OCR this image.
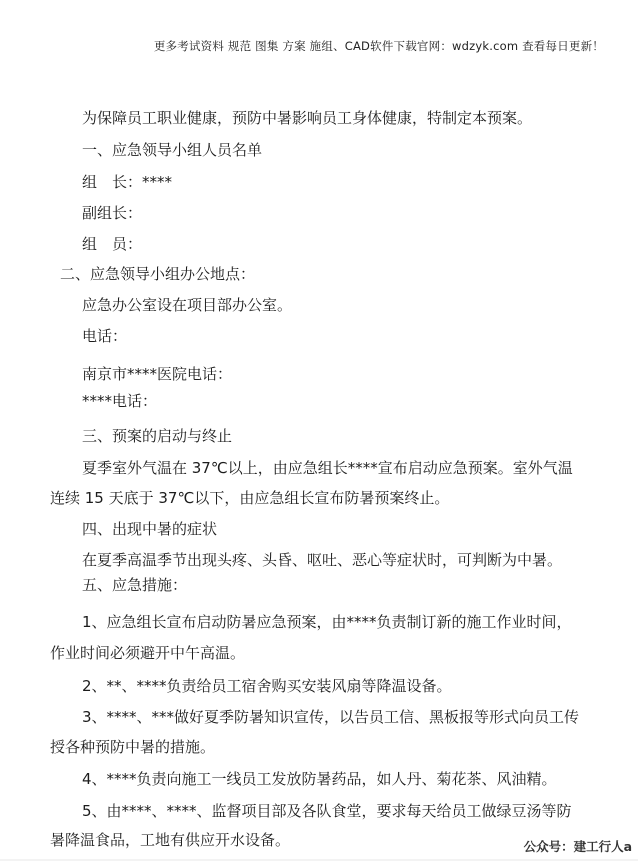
更多考试资料 规范 图集 方案 施组、CAD软件下载官网：wdzyk.com 查看每日更新！
为保障员工职业健康，预防中暑影响员工身体健康，特制定本预案。
一、应急领导小组人员名单
组　长：****
副组长：
组　员：
二、应急领导小组办公地点：
应急办公室设在项目部办公室。
电话：
南京市****医院电话：
****电话：
三、预案的启动与终止
夏季室外气温在 37℃以上，由应急组长****宣布启动应急预案。室外气温
连续 15 天底于 37℃以下，由应急组长宣布防暑预案终止。
四、出现中暑的症状
在夏季高温季节出现头疼、头昏、呕吐、恶心等症状时，可判断为中暑。
五、应急措施：
1、应急组长宣布启动防暑应急预案，由****负责制订新的施工作业时间，
作业时间必须避开中午高温。
2、**、****负责给员工宿舍购买安装风扇等降温设备。
3、****、***做好夏季防暑知识宣传，以告员工信、黑板报等形式向员工传
授各种预防中暑的措施。
4、****负责向施工一线员工发放防暑药品，如人丹、菊花茶、风油精。
5、由****、****、监督项目部及各队食堂，要求每天给员工做绿豆汤等防
暑降温食品，工地有供应开水设备。	公众号：建工行人a
